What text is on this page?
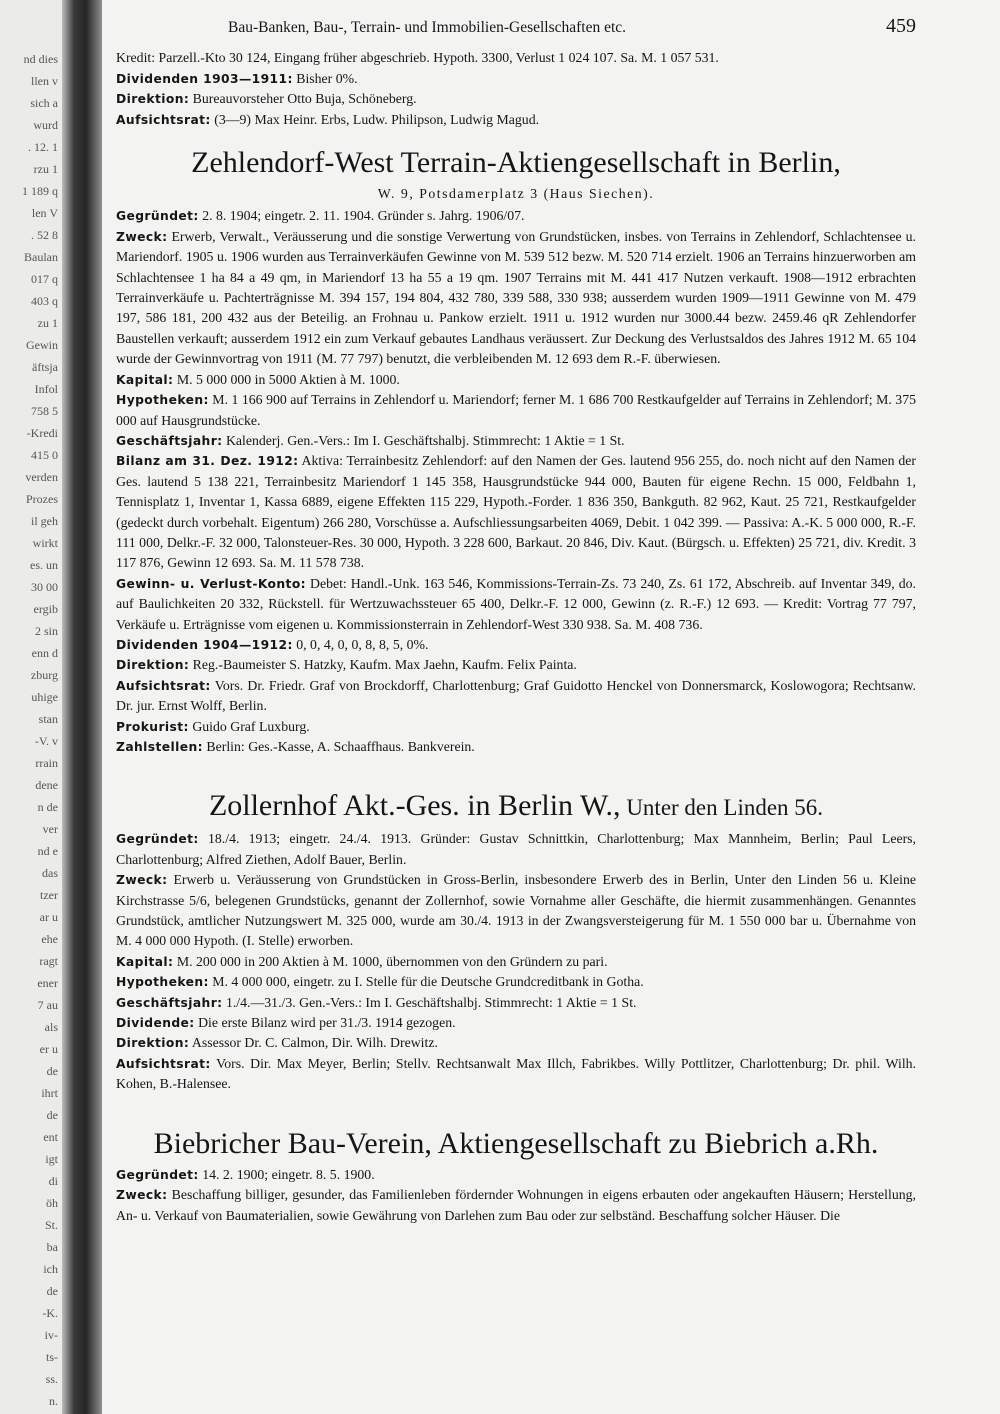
nd dies
llen v
sich a
wurd
. 12. 1
rzu 1
1 189 q
len V
. 52 8
Baulan
017 q
403 q
zu 1
Gewin
äftsja
Infol
758 5
-Kredi
415 0
verden
Prozes
il geh
wirkt
es. un
30 00
ergib
2 sin
enn d
zburg
uhige
stan
-V. v
rrain
dene
n de
ver
nd e
das
tzer
ar u
ehe
ragt
ener
7 au
als
er u
de
ihrt
de
ent
igt
di
öh
St.
ba
ich
de
-K.
iv-
ts-
ss.
n.
Bau-Banken, Bau-, Terrain- und Immobilien-Gesellschaften etc.	459

Kredit: Parzell.-Kto 30 124, Eingang früher abgeschrieb. Hypoth. 3300, Verlust 1 024 107. Sa. M. 1 057 531.

Dividenden 1903—1911: Bisher 0%.

Direktion: Bureauvorsteher Otto Buja, Schöneberg.

Aufsichtsrat: (3—9) Max Heinr. Erbs, Ludw. Philipson, Ludwig Magud.

Zehlendorf-West Terrain-Aktiengesellschaft in Berlin,
W. 9, Potsdamerplatz 3 (Haus Siechen).

Gegründet: 2. 8. 1904; eingetr. 2. 11. 1904. Gründer s. Jahrg. 1906/07.

Zweck: Erwerb, Verwalt., Veräusserung und die sonstige Verwertung von Grundstücken, insbes. von Terrains in Zehlendorf, Schlachtensee u. Mariendorf. 1905 u. 1906 wurden aus Terrainverkäufen Gewinne von M. 539 512 bezw. M. 520 714 erzielt. 1906 an Terrains hinzuerworben am Schlachtensee 1 ha 84 a 49 qm, in Mariendorf 13 ha 55 a 19 qm. 1907 Terrains mit M. 441 417 Nutzen verkauft. 1908—1912 erbrachten Terrainverkäufe u. Pachterträgnisse M. 394 157, 194 804, 432 780, 339 588, 330 938; ausserdem wurden 1909—1911 Gewinne von M. 479 197, 586 181, 200 432 aus der Beteilig. an Frohnau u. Pankow erzielt. 1911 u. 1912 wurden nur 3000.44 bezw. 2459.46 qR Zehlendorfer Baustellen verkauft; ausserdem 1912 ein zum Verkauf gebautes Landhaus veräussert. Zur Deckung des Verlustsaldos des Jahres 1912 M. 65 104 wurde der Gewinnvortrag von 1911 (M. 77 797) benutzt, die verbleibenden M. 12 693 dem R.-F. überwiesen.

Kapital: M. 5 000 000 in 5000 Aktien à M. 1000.

Hypotheken: M. 1 166 900 auf Terrains in Zehlendorf u. Mariendorf; ferner M. 1 686 700 Restkaufgelder auf Terrains in Zehlendorf; M. 375 000 auf Hausgrundstücke.

Geschäftsjahr: Kalenderj. Gen.-Vers.: Im I. Geschäftshalbj. Stimmrecht: 1 Aktie = 1 St.

Bilanz am 31. Dez. 1912: Aktiva: Terrainbesitz Zehlendorf: auf den Namen der Ges. lautend 956 255, do. noch nicht auf den Namen der Ges. lautend 5 138 221, Terrainbesitz Mariendorf 1 145 358, Hausgrundstücke 944 000, Bauten für eigene Rechn. 15 000, Feldbahn 1, Tennisplatz 1, Inventar 1, Kassa 6889, eigene Effekten 115 229, Hypoth.-Forder. 1 836 350, Bankguth. 82 962, Kaut. 25 721, Restkaufgelder (gedeckt durch vorbehalt. Eigentum) 266 280, Vorschüsse a. Aufschliessungsarbeiten 4069, Debit. 1 042 399. — Passiva: A.-K. 5 000 000, R.-F. 111 000, Delkr.-F. 32 000, Talonsteuer-Res. 30 000, Hypoth. 3 228 600, Barkaut. 20 846, Div. Kaut. (Bürgsch. u. Effekten) 25 721, div. Kredit. 3 117 876, Gewinn 12 693. Sa. M. 11 578 738.

Gewinn- u. Verlust-Konto: Debet: Handl.-Unk. 163 546, Kommissions-Terrain-Zs. 73 240, Zs. 61 172, Abschreib. auf Inventar 349, do. auf Baulichkeiten 20 332, Rückstell. für Wertzuwachssteuer 65 400, Delkr.-F. 12 000, Gewinn (z. R.-F.) 12 693. — Kredit: Vortrag 77 797, Verkäufe u. Erträgnisse vom eigenen u. Kommissionsterrain in Zehlendorf-West 330 938. Sa. M. 408 736.

Dividenden 1904—1912: 0, 0, 4, 0, 0, 8, 8, 5, 0%.

Direktion: Reg.-Baumeister S. Hatzky, Kaufm. Max Jaehn, Kaufm. Felix Painta.

Aufsichtsrat: Vors. Dr. Friedr. Graf von Brockdorff, Charlottenburg; Graf Guidotto Henckel von Donnersmarck, Koslowogora; Rechtsanw. Dr. jur. Ernst Wolff, Berlin.

Prokurist: Guido Graf Luxburg.

Zahlstellen: Berlin: Ges.-Kasse, A. Schaaffhaus. Bankverein.

Zollernhof Akt.-Ges. in Berlin W., Unter den Linden 56.

Gegründet: 18./4. 1913; eingetr. 24./4. 1913. Gründer: Gustav Schnittkin, Charlottenburg; Max Mannheim, Berlin; Paul Leers, Charlottenburg; Alfred Ziethen, Adolf Bauer, Berlin.

Zweck: Erwerb u. Veräusserung von Grundstücken in Gross-Berlin, insbesondere Erwerb des in Berlin, Unter den Linden 56 u. Kleine Kirchstrasse 5/6, belegenen Grundstücks, genannt der Zollernhof, sowie Vornahme aller Geschäfte, die hiermit zusammenhängen. Genanntes Grundstück, amtlicher Nutzungswert M. 325 000, wurde am 30./4. 1913 in der Zwangsversteigerung für M. 1 550 000 bar u. Übernahme von M. 4 000 000 Hypoth. (I. Stelle) erworben.

Kapital: M. 200 000 in 200 Aktien à M. 1000, übernommen von den Gründern zu pari.

Hypotheken: M. 4 000 000, eingetr. zu I. Stelle für die Deutsche Grundcreditbank in Gotha.

Geschäftsjahr: 1./4.—31./3. Gen.-Vers.: Im I. Geschäftshalbj. Stimmrecht: 1 Aktie = 1 St.

Dividende: Die erste Bilanz wird per 31./3. 1914 gezogen.

Direktion: Assessor Dr. C. Calmon, Dir. Wilh. Drewitz.

Aufsichtsrat: Vors. Dir. Max Meyer, Berlin; Stellv. Rechtsanwalt Max Illch, Fabrikbes. Willy Pottlitzer, Charlottenburg; Dr. phil. Wilh. Kohen, B.-Halensee.

Biebricher Bau-Verein, Aktiengesellschaft zu Biebrich a.Rh.

Gegründet: 14. 2. 1900; eingetr. 8. 5. 1900.

Zweck: Beschaffung billiger, gesunder, das Familienleben fördernder Wohnungen in eigens erbauten oder angekauften Häusern; Herstellung, An- u. Verkauf von Baumaterialien, sowie Gewährung von Darlehen zum Bau oder zur selbständ. Beschaffung solcher Häuser. Die
